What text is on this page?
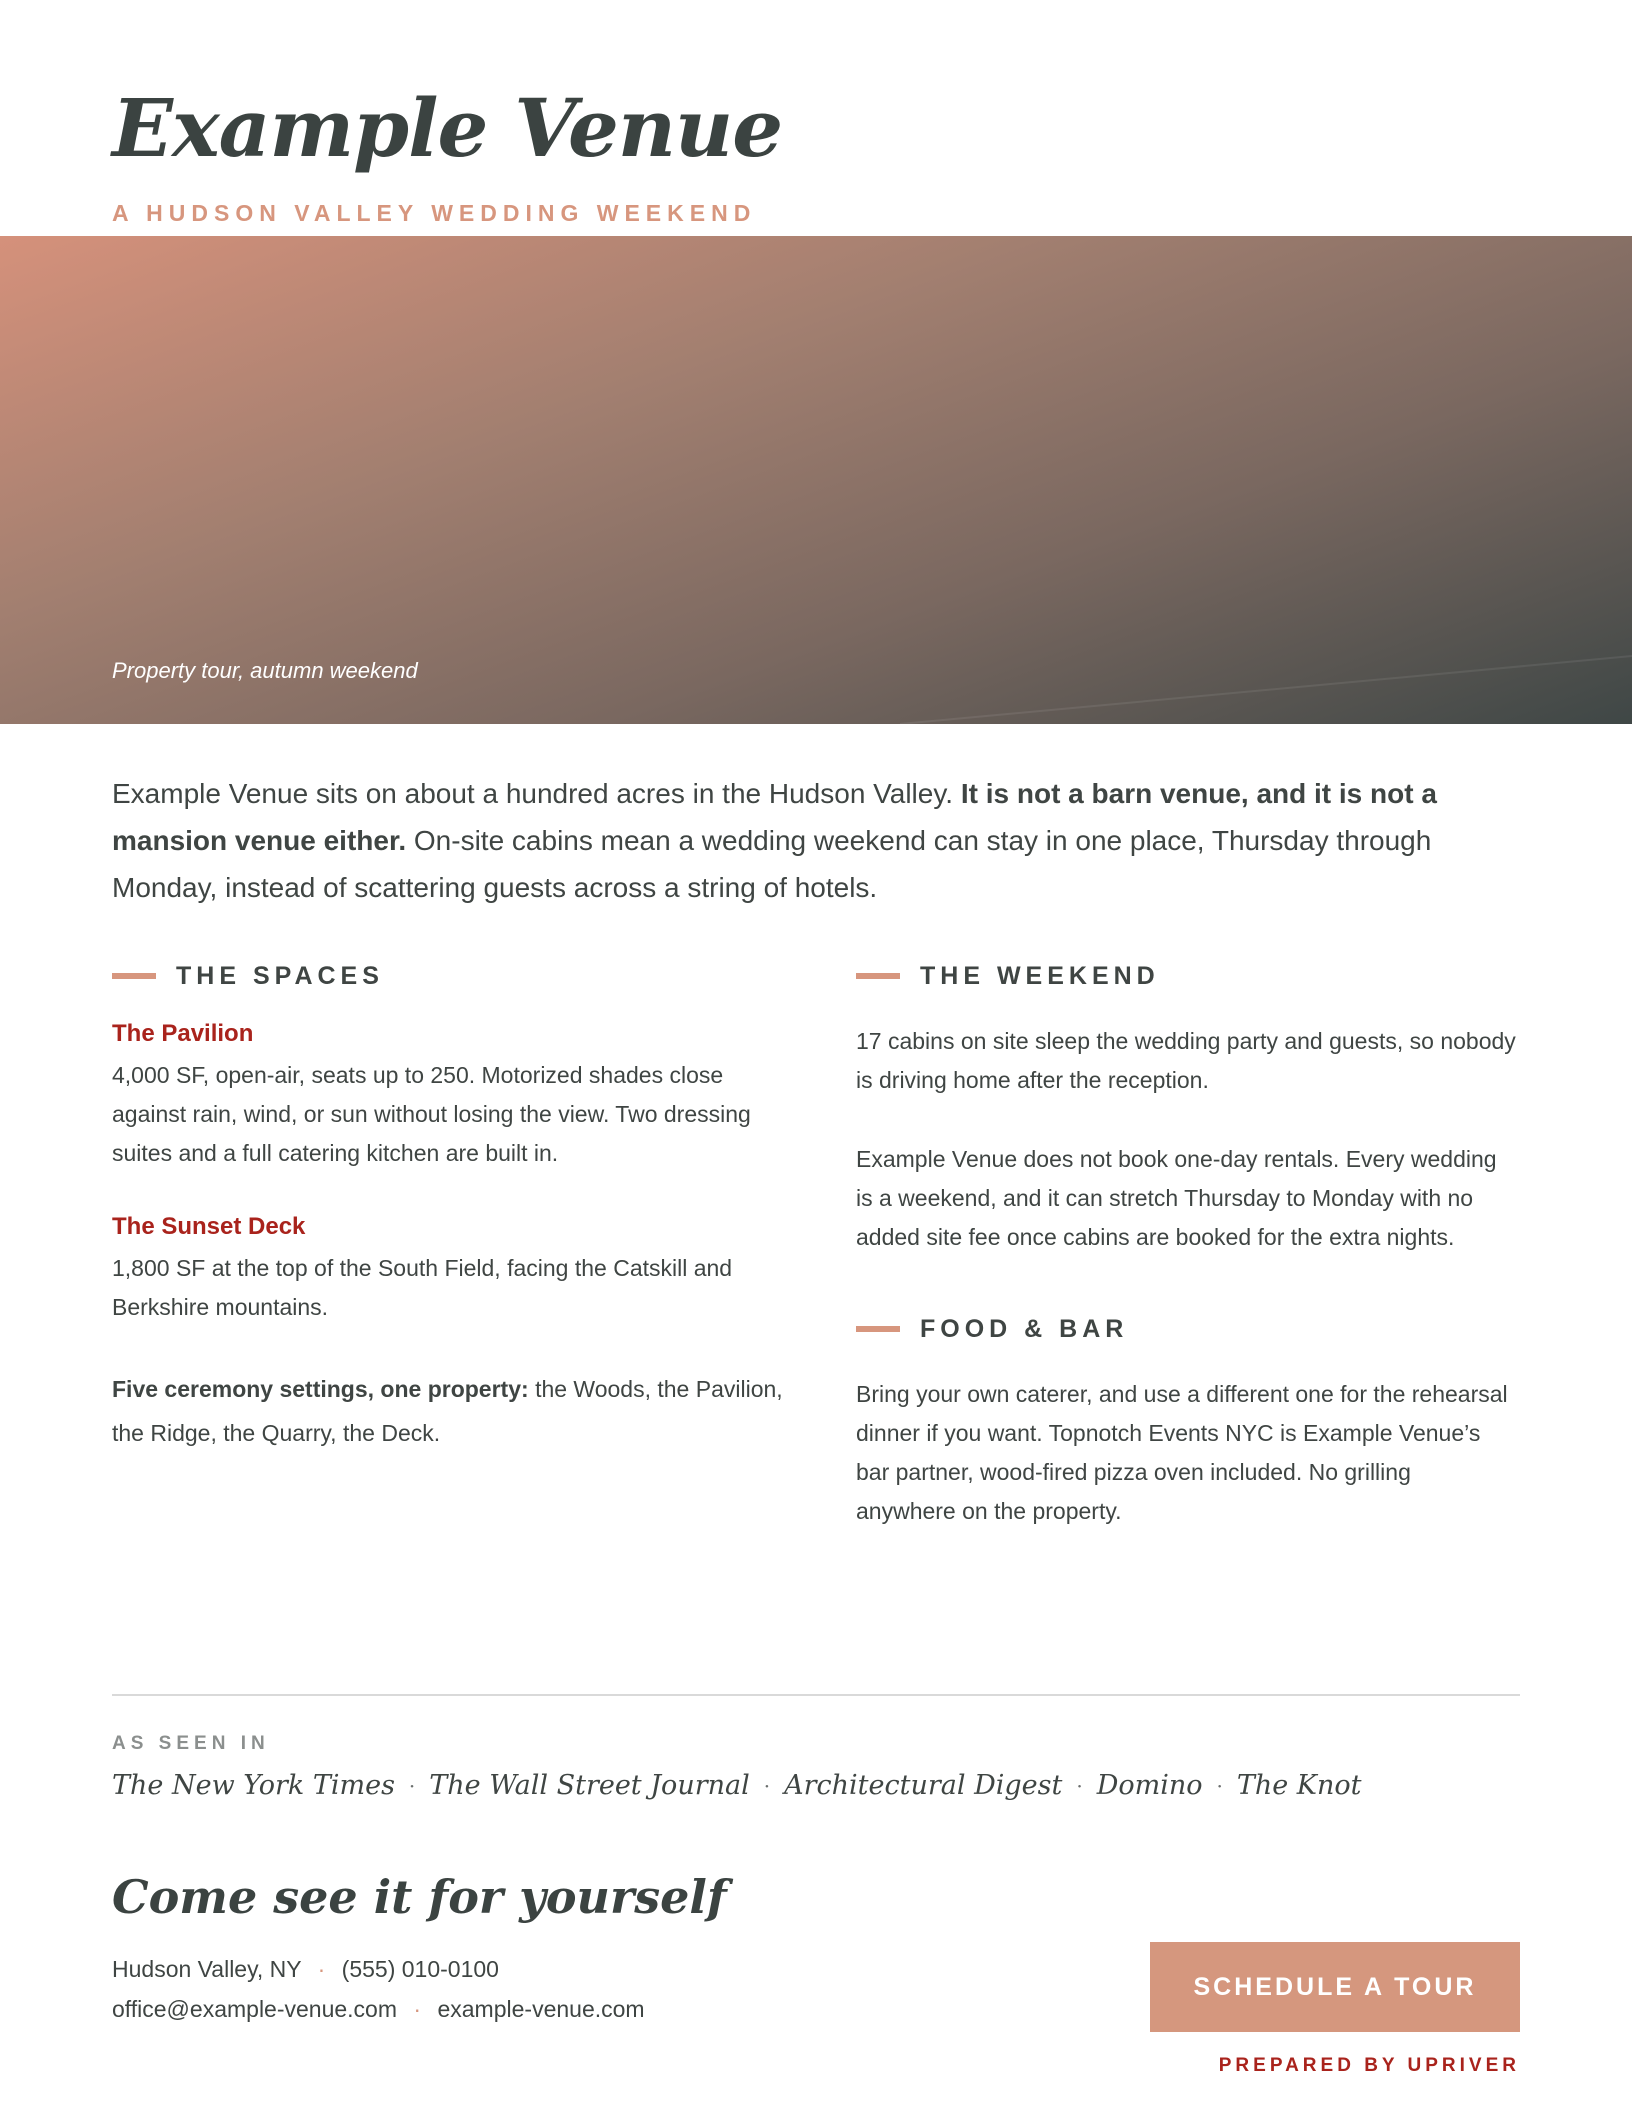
Example Venue
A HUDSON VALLEY WEDDING WEEKEND
Property tour, autumn weekend

Example Venue sits on about a hundred acres in the Hudson Valley. It is not a barn venue, and it is not a mansion venue either. On-site cabins mean a wedding weekend can stay in one place, Thursday through Monday, instead of scattering guests across a string of hotels.

THE SPACES
The Pavilion

4,000 SF, open-air, seats up to 250. Motorized shades close against rain, wind, or sun without losing the view. Two dressing suites and a full catering kitchen are built in.

The Sunset Deck

1,800 SF at the top of the South Field, facing the Catskill and Berkshire mountains.

Five ceremony settings, one property: the Woods, the Pavilion, the Ridge, the Quarry, the Deck.

THE WEEKEND

17 cabins on site sleep the wedding party and guests, so nobody is driving home after the reception.

Example Venue does not book one-day rentals. Every wedding is a weekend, and it can stretch Thursday to Monday with no added site fee once cabins are booked for the extra nights.

FOOD & BAR

Bring your own caterer, and use a different one for the rehearsal dinner if you want. Topnotch Events NYC is Example Venue’s bar partner, wood-fired pizza oven included. No grilling anywhere on the property.

AS SEEN IN
The New York Times · The Wall Street Journal · Architectural Digest · Domino · The Knot
Come see it for yourself
Hudson Valley, NY · (555) 010-0100
office@example-venue.com · example-venue.com
SCHEDULE A TOUR
PREPARED BY UPRIVER
